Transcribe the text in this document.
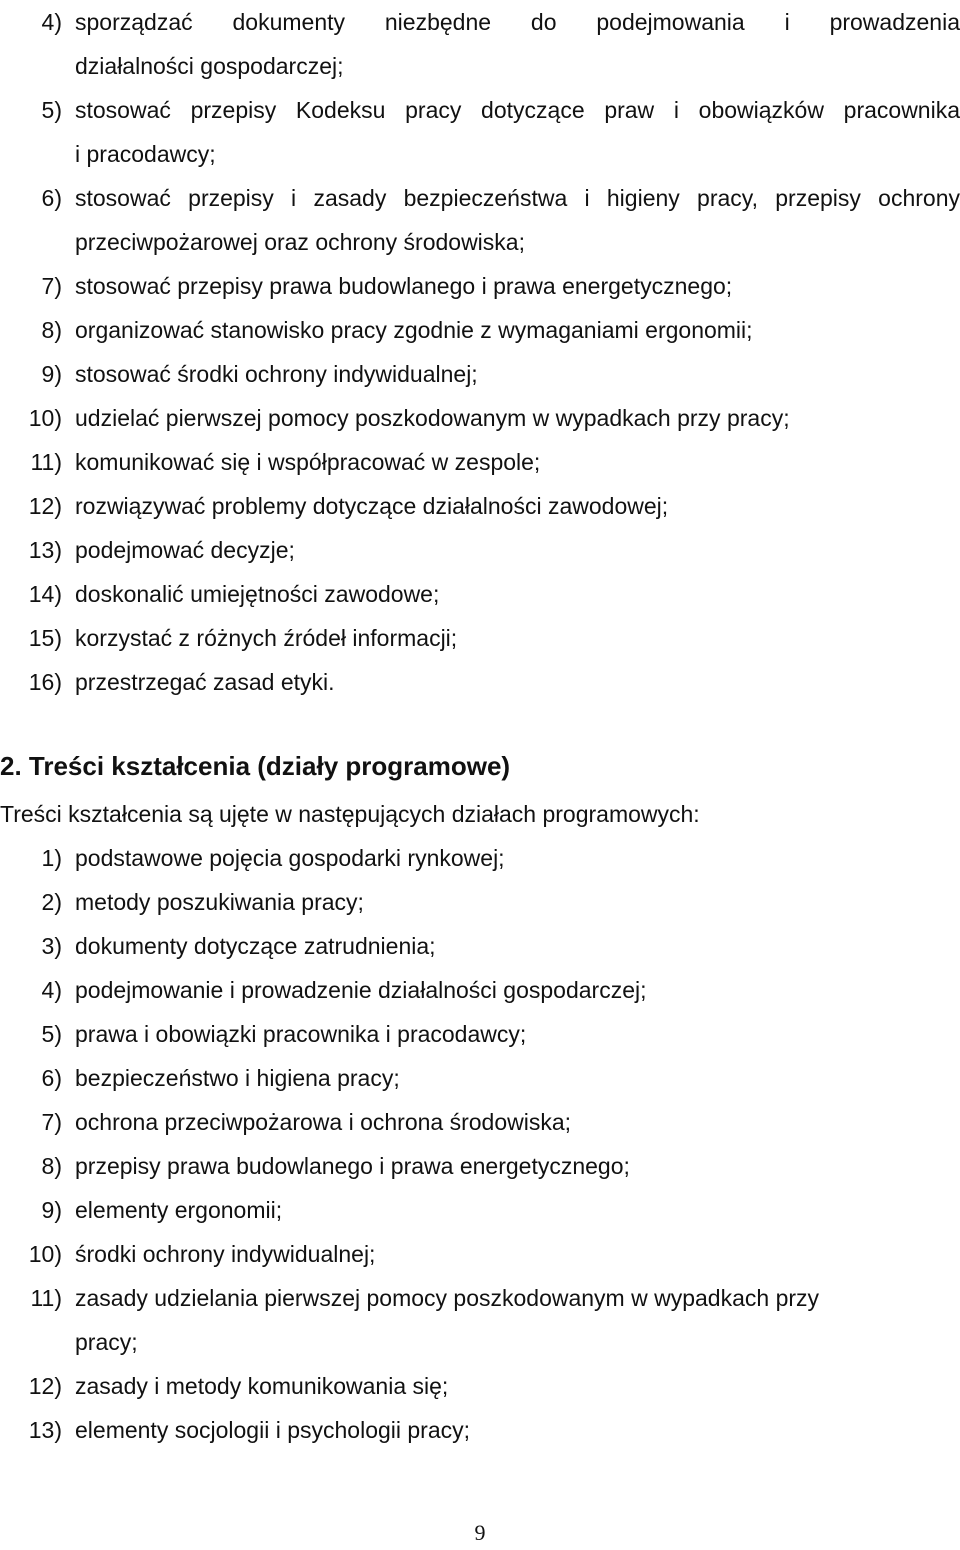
4) sporządzać dokumenty niezbędne do podejmowania i prowadzenia

działalności gospodarczej;
5) stosować przepisy Kodeksu pracy dotyczące praw i obowiązków pracownika

i pracodawcy;
6) stosować przepisy i zasady bezpieczeństwa i higieny pracy, przepisy ochrony

przeciwpożarowej oraz ochrony środowiska;
7) stosować przepisy prawa budowlanego i prawa energetycznego;

8) organizować stanowisko pracy zgodnie z wymaganiami ergonomii;

9) stosować środki ochrony indywidualnej;

10) udzielać pierwszej pomocy poszkodowanym w wypadkach przy pracy;

11) komunikować się i współpracować w zespole;

12) rozwiązywać problemy dotyczące działalności zawodowej;

13) podejmować decyzje;

14) doskonalić umiejętności zawodowe;

15) korzystać z różnych źródeł informacji;

16) przestrzegać zasad etyki.

2. Treści kształcenia (działy programowe)
Treści kształcenia są ujęte w następujących działach programowych:
1) podstawowe pojęcia gospodarki rynkowej;

2) metody poszukiwania pracy;

3) dokumenty dotyczące zatrudnienia;

4) podejmowanie i prowadzenie działalności gospodarczej;

5) prawa i obowiązki pracownika i pracodawcy;

6) bezpieczeństwo i higiena pracy;

7) ochrona przeciwpożarowa i ochrona środowiska;

8) przepisy prawa budowlanego i prawa energetycznego;

9) elementy ergonomii;

10) środki ochrony indywidualnej;

11) zasady udzielania pierwszej pomocy poszkodowanym w wypadkach przy

pracy;
12) zasady i metody komunikowania się;

13) elementy socjologii i psychologii pracy;

9
